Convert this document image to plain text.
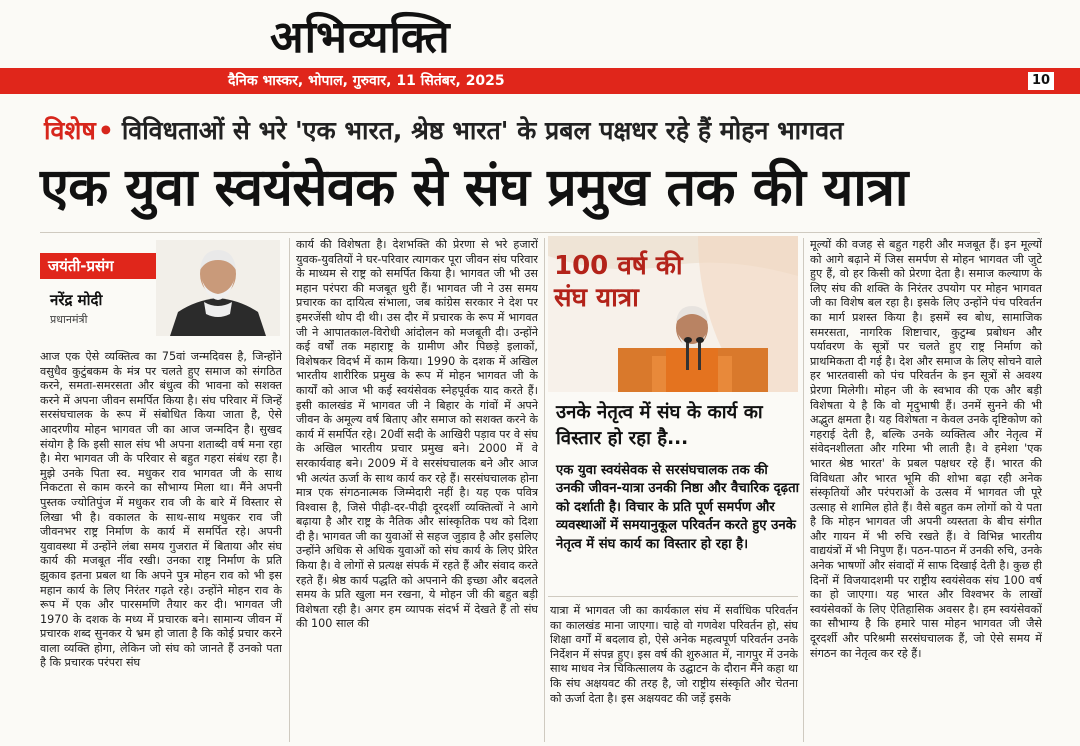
अभिव्यक्ति
दैनिक भास्कर, भोपाल, गुरुवार, 11 सितंबर, 2025	10
विशेष• विविधताओं से भरे 'एक भारत, श्रेष्ठ भारत' के प्रबल पक्षधर रहे हैं मोहन भागवत
एक युवा स्वयंसेवक से संघ प्रमुख तक की यात्रा
जयंती-प्रसंग
नरेंद्र मोदी
प्रधानमंत्री
आज एक ऐसे व्यक्तित्व का 75वां जन्मदिवस है, जिन्होंने वसुधैव कुटुंबकम के मंत्र पर चलते हुए समाज को संगठित करने, समता-समरसता और बंधुत्व की भावना को सशक्त करने में अपना जीवन समर्पित किया है। संघ परिवार में जिन्हें सरसंघचालक के रूप में संबोधित किया जाता है, ऐसे आदरणीय मोहन भागवत जी का आज जन्मदिन है। सुखद संयोग है कि इसी साल संघ भी अपना शताब्दी वर्ष मना रहा है। मेरा भागवत जी के परिवार से बहुत गहरा संबंध रहा है। मुझे उनके पिता स्व. मधुकर राव भागवत जी के साथ निकटता से काम करने का सौभाग्य मिला था। मैंने अपनी पुस्तक ज्योतिपुंज में मधुकर राव जी के बारे में विस्तार से लिखा भी है। वकालत के साथ-साथ मधुकर राव जी जीवनभर राष्ट्र निर्माण के कार्य में समर्पित रहे। अपनी युवावस्था में उन्होंने लंबा समय गुजरात में बिताया और संघ कार्य की मजबूत नींव रखी। उनका राष्ट्र निर्माण के प्रति झुकाव इतना प्रबल था कि अपने पुत्र मोहन राव को भी इस महान कार्य के लिए निरंतर गढ़ते रहे। उन्होंने मोहन राव के रूप में एक और पारसमणि तैयार कर दी। भागवत जी 1970 के दशक के मध्य में प्रचारक बने। सामान्य जीवन में प्रचारक शब्द सुनकर ये भ्रम हो जाता है कि कोई प्रचार करने वाला व्यक्ति होगा, लेकिन जो संघ को जानते हैं उनको पता है कि प्रचारक परंपरा संघ
कार्य की विशेषता है। देशभक्ति की प्रेरणा से भरे हजारों युवक-युवतियों ने घर-परिवार त्यागकर पूरा जीवन संघ परिवार के माध्यम से राष्ट्र को समर्पित किया है। भागवत जी भी उस महान परंपरा की मजबूत धुरी हैं। भागवत जी ने उस समय प्रचारक का दायित्व संभाला, जब कांग्रेस सरकार ने देश पर इमरजेंसी थोप दी थी। उस दौर में प्रचारक के रूप में भागवत जी ने आपातकाल-विरोधी आंदोलन को मजबूती दी। उन्होंने कई वर्षों तक महाराष्ट्र के ग्रामीण और पिछड़े इलाकों, विशेषकर विदर्भ में काम किया। 1990 के दशक में अखिल भारतीय शारीरिक प्रमुख के रूप में मोहन भागवत जी के कार्यों को आज भी कई स्वयंसेवक स्नेहपूर्वक याद करते हैं। इसी कालखंड में भागवत जी ने बिहार के गांवों में अपने जीवन के अमूल्य वर्ष बिताए और समाज को सशक्त करने के कार्य में समर्पित रहे। 20वीं सदी के आखिरी पड़ाव पर वे संघ के अखिल भारतीय प्रचार प्रमुख बने। 2000 में वे सरकार्यवाह बने। 2009 में वे सरसंघचालक बने और आज भी अत्यंत ऊर्जा के साथ कार्य कर रहे हैं। सरसंघचालक होना मात्र एक संगठनात्मक जिम्मेदारी नहीं है। यह एक पवित्र विश्वास है, जिसे पीढ़ी-दर-पीढ़ी दूरदर्शी व्यक्तित्वों ने आगे बढ़ाया है और राष्ट्र के नैतिक और सांस्कृतिक पथ को दिशा दी है। भागवत जी का युवाओं से सहज जुड़ाव है और इसलिए उन्होंने अधिक से अधिक युवाओं को संघ कार्य के लिए प्रेरित किया है। वे लोगों से प्रत्यक्ष संपर्क में रहते हैं और संवाद करते रहते हैं। श्रेष्ठ कार्य पद्धति को अपनाने की इच्छा और बदलते समय के प्रति खुला मन रखना, ये मोहन जी की बहुत बड़ी विशेषता रही है। अगर हम व्यापक संदर्भ में देखते हैं तो संघ की 100 साल की
100 वर्ष की संघ यात्रा
उनके नेतृत्व में संघ के कार्य का विस्तार हो रहा है...
एक युवा स्वयंसेवक से सरसंघचालक तक की उनकी जीवन-यात्रा उनकी निष्ठा और वैचारिक दृढ़ता को दर्शाती है। विचार के प्रति पूर्ण समर्पण और व्यवस्थाओं में समयानुकूल परिवर्तन करते हुए उनके नेतृत्व में संघ कार्य का विस्तार हो रहा है।
यात्रा में भागवत जी का कार्यकाल संघ में सर्वाधिक परिवर्तन का कालखंड माना जाएगा। चाहे वो गणवेश परिवर्तन हो, संघ शिक्षा वर्गों में बदलाव हो, ऐसे अनेक महत्वपूर्ण परिवर्तन उनके निर्देशन में संपन्न हुए। इस वर्ष की शुरुआत में, नागपुर में उनके साथ माधव नेत्र चिकित्सालय के उद्घाटन के दौरान मैंने कहा था कि संघ अक्षयवट की तरह है, जो राष्ट्रीय संस्कृति और चेतना को ऊर्जा देता है। इस अक्षयवट की जड़ें इसके
मूल्यों की वजह से बहुत गहरी और मजबूत हैं। इन मूल्यों को आगे बढ़ाने में जिस समर्पण से मोहन भागवत जी जुटे हुए हैं, वो हर किसी को प्रेरणा देता है। समाज कल्याण के लिए संघ की शक्ति के निरंतर उपयोग पर मोहन भागवत जी का विशेष बल रहा है। इसके लिए उन्होंने पंच परिवर्तन का मार्ग प्रशस्त किया है। इसमें स्व बोध, सामाजिक समरसता, नागरिक शिष्टाचार, कुटुम्ब प्रबोधन और पर्यावरण के सूत्रों पर चलते हुए राष्ट्र निर्माण को प्राथमिकता दी गई है। देश और समाज के लिए सोचने वाले हर भारतवासी को पंच परिवर्तन के इन सूत्रों से अवश्य प्रेरणा मिलेगी। मोहन जी के स्वभाव की एक और बड़ी विशेषता ये है कि वो मृदुभाषी हैं। उनमें सुनने की भी अद्भुत क्षमता है। यह विशेषता न केवल उनके दृष्टिकोण को गहराई देती है, बल्कि उनके व्यक्तित्व और नेतृत्व में संवेदनशीलता और गरिमा भी लाती है। वे हमेशा 'एक भारत श्रेष्ठ भारत' के प्रबल पक्षधर रहे हैं। भारत की विविधता और भारत भूमि की शोभा बढ़ा रही अनेक संस्कृतियों और परंपराओं के उत्सव में भागवत जी पूरे उत्साह से शामिल होते हैं। वैसे बहुत कम लोगों को ये पता है कि मोहन भागवत जी अपनी व्यस्तता के बीच संगीत और गायन में भी रुचि रखते हैं। वे विभिन्न भारतीय वाद्ययंत्रों में भी निपुण हैं। पठन-पाठन में उनकी रुचि, उनके अनेक भाषणों और संवादों में साफ दिखाई देती है। कुछ ही दिनों में विजयादशमी पर राष्ट्रीय स्वयंसेवक संघ 100 वर्ष का हो जाएगा। यह भारत और विश्वभर के लाखों स्वयंसेवकों के लिए ऐतिहासिक अवसर है। हम स्वयंसेवकों का सौभाग्य है कि हमारे पास मोहन भागवत जी जैसे दूरदर्शी और परिश्रमी सरसंघचालक हैं, जो ऐसे समय में संगठन का नेतृत्व कर रहे हैं।
